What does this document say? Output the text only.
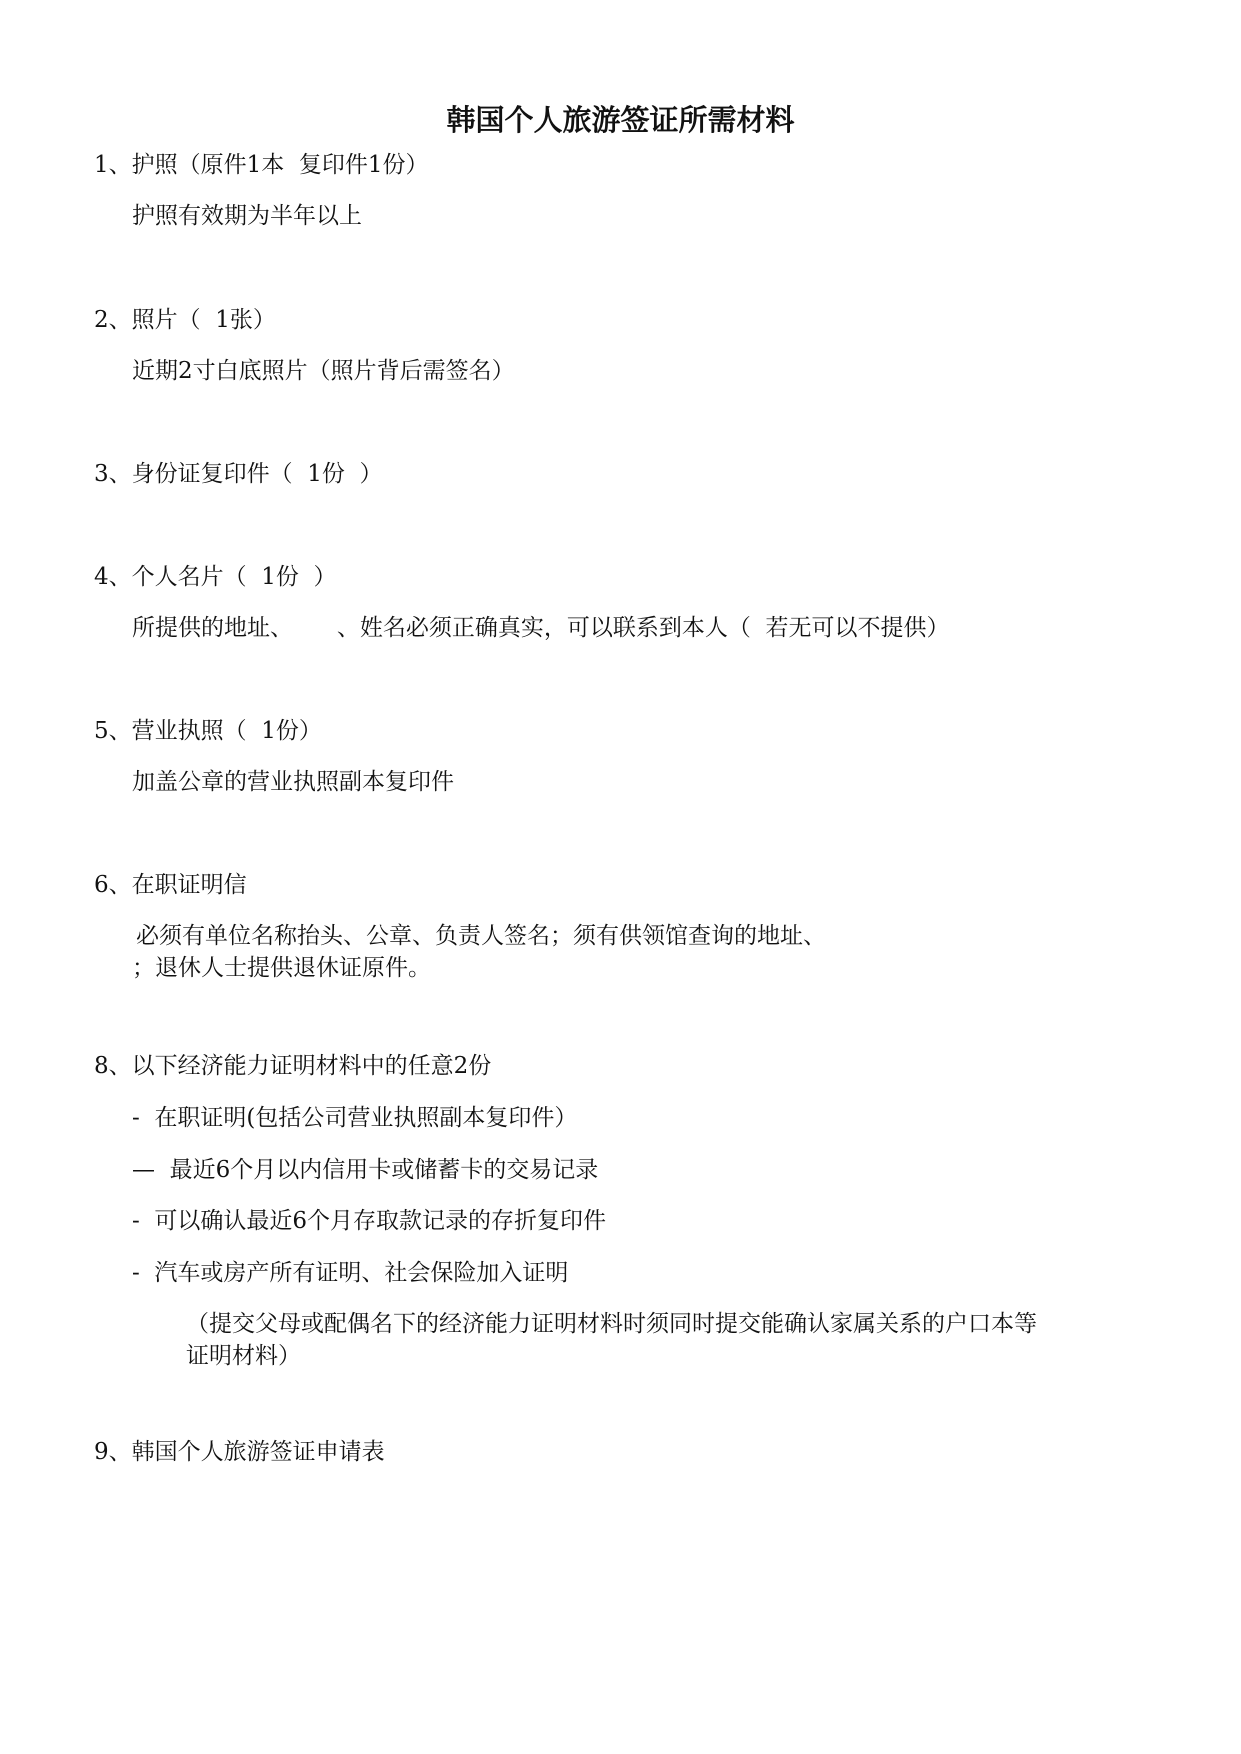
韩国个人旅游签证所需材料
1、护照（原件1本  复印件1份）
护照有效期为半年以上
2、照片（  1张）
近期2寸白底照片（照片背后需签名）
3、身份证复印件（  1份  ）
4、个人名片（  1份  ）
所提供的地址、      、姓名必须正确真实，可以联系到本人（  若无可以不提供）
5、营业执照（  1份）
加盖公章的营业执照副本复印件
6、在职证明信
必须有单位名称抬头、公章、负责人签名；须有供领馆查询的地址、
；退休人士提供退休证原件。
8、以下经济能力证明材料中的任意2份
-  在职证明(包括公司营业执照副本复印件）
—  最近6个月以内信用卡或储蓄卡的交易记录
-  可以确认最近6个月存取款记录的存折复印件
-  汽车或房产所有证明、社会保险加入证明
（提交父母或配偶名下的经济能力证明材料时须同时提交能确认家属关系的户口本等
证明材料）
9、韩国个人旅游签证申请表
